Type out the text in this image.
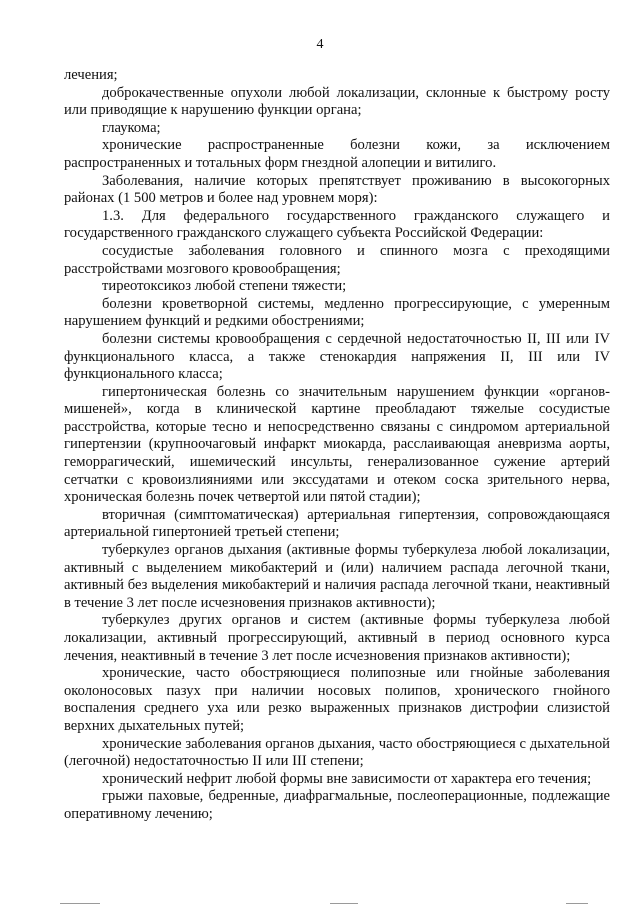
4

лечения;

доброкачественные опухоли любой локализации, склонные к быстрому росту или приводящие к нарушению функции органа;

глаукома;

хронические распространенные болезни кожи, за исключением распространенных и тотальных форм гнездной алопеции и витилиго.

Заболевания, наличие которых препятствует проживанию в высокогорных районах (1 500 метров и более над уровнем моря):

1.3. Для федерального государственного гражданского служащего и государственного гражданского служащего субъекта Российской Федерации:

сосудистые заболевания головного и спинного мозга с преходящими расстройствами мозгового кровообращения;

тиреотоксикоз любой степени тяжести;

болезни кроветворной системы, медленно прогрессирующие, с умеренным нарушением функций и редкими обострениями;

болезни системы кровообращения с сердечной недостаточностью II, III или IV функционального класса, а также стенокардия напряжения II, III или IV функционального класса;

гипертоническая болезнь со значительным нарушением функции «органов-мишеней», когда в клинической картине преобладают тяжелые сосудистые расстройства, которые тесно и непосредственно связаны с синдромом артериальной гипертензии (крупноочаговый инфаркт миокарда, расслаивающая аневризма аорты, геморрагический, ишемический инсульты, генерализованное сужение артерий сетчатки с кровоизлияниями или экссудатами и отеком соска зрительного нерва, хроническая болезнь почек четвертой или пятой стадии);

вторичная (симптоматическая) артериальная гипертензия, сопровождающаяся артериальной гипертонией третьей степени;

туберкулез органов дыхания (активные формы туберкулеза любой локализации, активный с выделением микобактерий и (или) наличием распада легочной ткани, активный без выделения микобактерий и наличия распада легочной ткани, неактивный в течение 3 лет после исчезновения признаков активности);

туберкулез других органов и систем (активные формы туберкулеза любой локализации, активный прогрессирующий, активный в период основного курса лечения, неактивный в течение 3 лет после исчезновения признаков активности);

хронические, часто обостряющиеся полипозные или гнойные заболевания околоносовых пазух при наличии носовых полипов, хронического гнойного воспаления среднего уха или резко выраженных признаков дистрофии слизистой верхних дыхательных путей;

хронические заболевания органов дыхания, часто обостряющиеся с дыхательной (легочной) недостаточностью II или III степени;

хронический нефрит любой формы вне зависимости от характера его течения;

грыжи паховые, бедренные, диафрагмальные, послеоперационные, подлежащие оперативному лечению;
